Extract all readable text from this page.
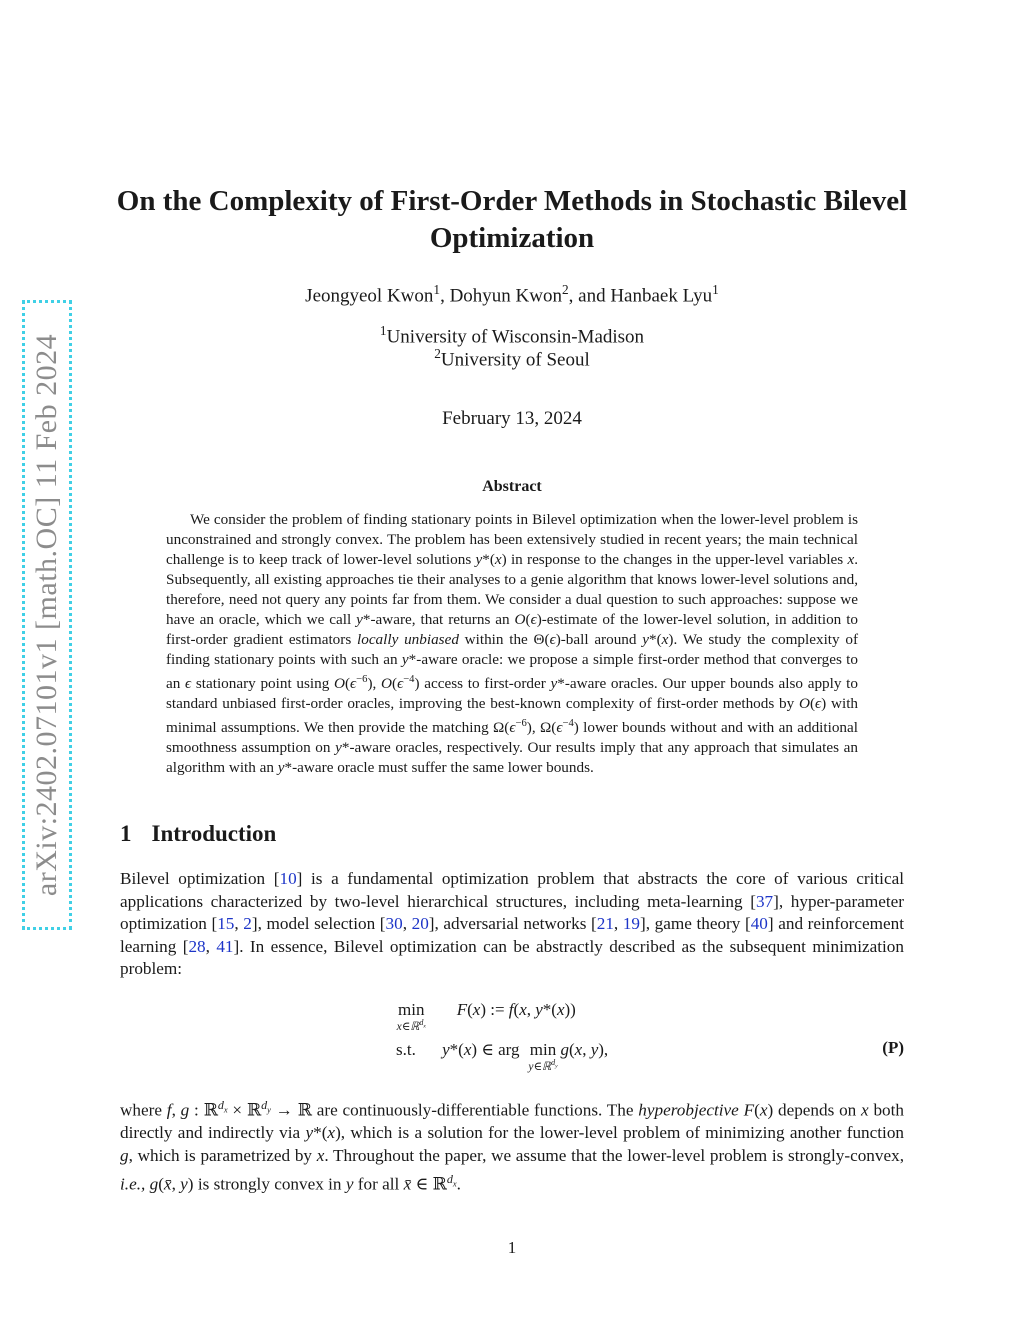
arXiv:2402.07101v1 [math.OC] 11 Feb 2024
On the Complexity of First-Order Methods in Stochastic Bilevel Optimization
Jeongyeol Kwon$^1$, Dohyun Kwon$^2$, and Hanbaek Lyu$^1$
$^1$University of Wisconsin-Madison
$^2$University of Seoul
February 13, 2024
Abstract
We consider the problem of finding stationary points in Bilevel optimization when the lower-level problem is unconstrained and strongly convex. The problem has been extensively studied in recent years; the main technical challenge is to keep track of lower-level solutions y*(x) in response to the changes in the upper-level variables x. Subsequently, all existing approaches tie their analyses to a genie algorithm that knows lower-level solutions and, therefore, need not query any points far from them. We consider a dual question to such approaches: suppose we have an oracle, which we call y*-aware, that returns an O(ϵ)-estimate of the lower-level solution, in addition to first-order gradient estimators locally unbiased within the Θ(ϵ)-ball around y*(x). We study the complexity of finding stationary points with such an y*-aware oracle: we propose a simple first-order method that converges to an ϵ stationary point using $O(\epsilon^{-6})$, $O(\epsilon^{-4})$ access to first-order y*-aware oracles. Our upper bounds also apply to standard unbiased first-order oracles, improving the best-known complexity of first-order methods by O(ϵ) with minimal assumptions. We then provide the matching $\Omega(\epsilon^{-6})$, $\Omega(\epsilon^{-4})$ lower bounds without and with an additional smoothness assumption on y*-aware oracles, respectively. Our results imply that any approach that simulates an algorithm with an y*-aware oracle must suffer the same lower bounds.
1 Introduction
Bilevel optimization [10] is a fundamental optimization problem that abstracts the core of various critical applications characterized by two-level hierarchical structures, including meta-learning [37], hyper-parameter optimization [15, 2], model selection [30, 20], adversarial networks [21, 19], game theory [40] and reinforcement learning [28, 41]. In essence, Bilevel optimization can be abstractly described as the subsequent minimization problem:
min
x∈ℝ$^{d_x}$
F(x) := f(x, y*(x))
s.t. y*(x) ∈ arg min
y∈ℝ$^{d_y}$
g(x, y),	(P)
where f, g : ℝ$^{d_x}$ × ℝ$^{d_y}$ → ℝ are continuously-differentiable functions. The hyperobjective F(x) depends on x both directly and indirectly via y*(x), which is a solution for the lower-level problem of minimizing another function g, which is parametrized by x. Throughout the paper, we assume that the lower-level problem is strongly-convex, i.e., g(x̄, y) is strongly convex in y for all x̄ ∈ ℝ$^{d_x}$.
1
